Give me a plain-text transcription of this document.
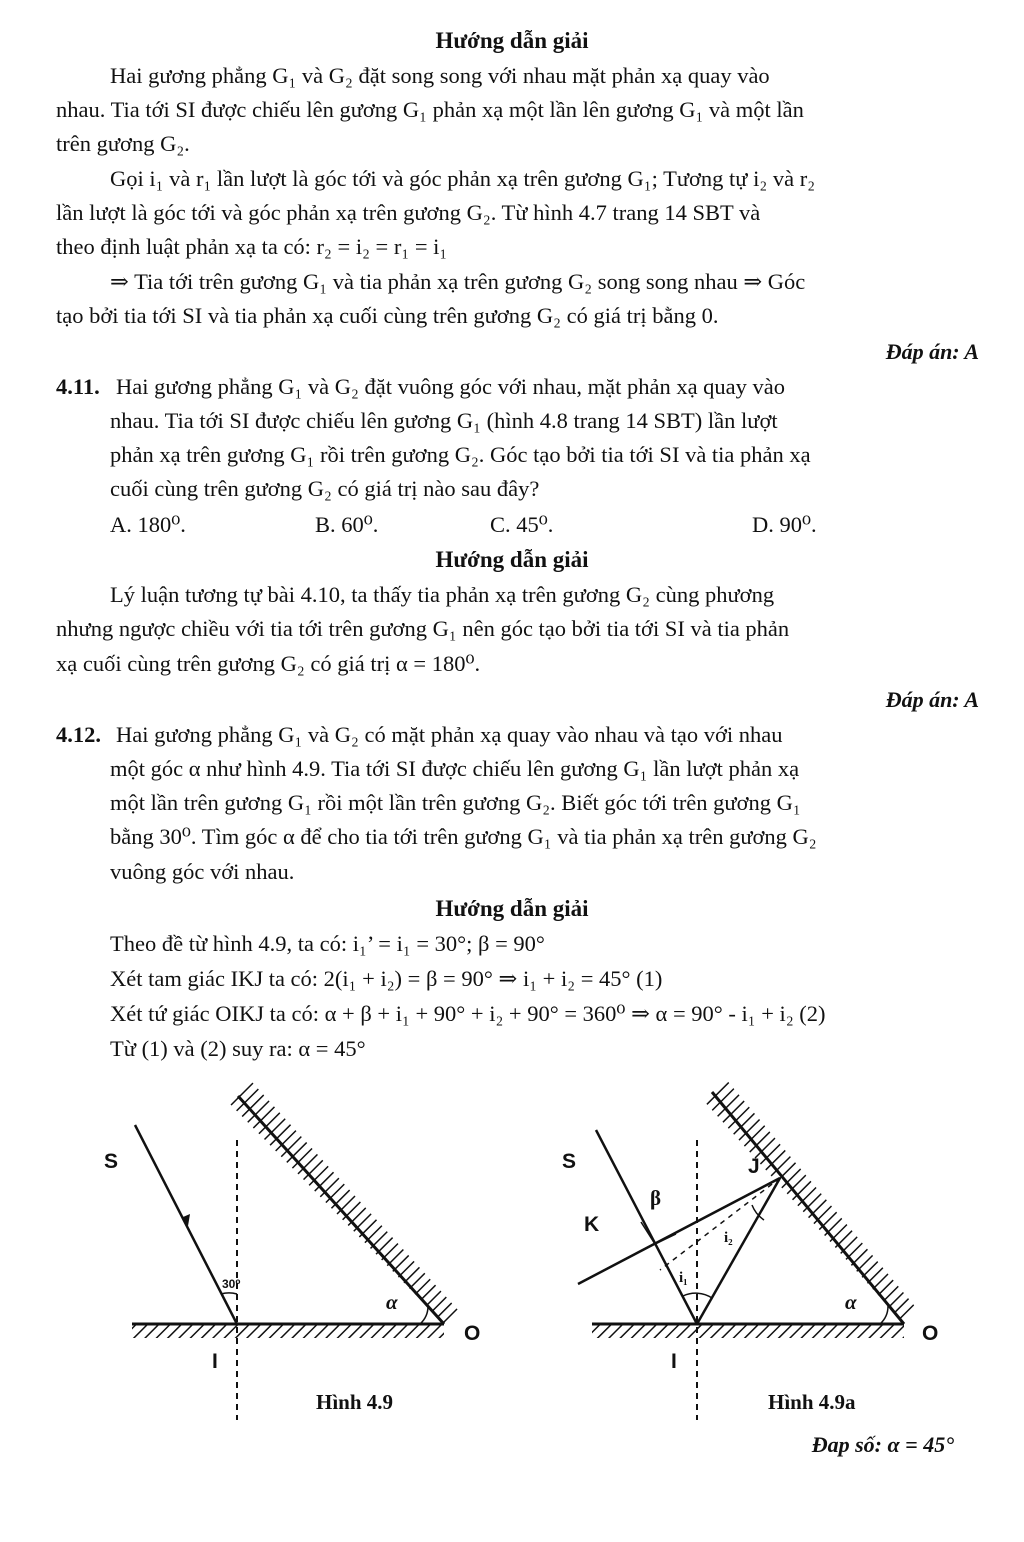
Hướng dẫn giải
Hai gương phẳng G₁ và G₂ đặt song song với nhau mặt phản xạ quay vào
nhau. Tia tới SI được chiếu lên gương G₁ phản xạ một lần lên gương G₁ và một lần
trên gương G₂.
Gọi i₁ và r₁ lần lượt là góc tới và góc phản xạ trên gương G₁; Tương tự i₂ và r₂
lần lượt là góc tới và góc phản xạ trên gương G₂. Từ hình 4.7 trang 14 SBT và
theo định luật phản xạ ta có: r₂ = i₂ = r₁ = i₁
⇒ Tia tới trên gương G₁ và tia phản xạ trên gương G₂ song song nhau ⇒ Góc
tạo bởi tia tới SI và tia phản xạ cuối cùng trên gương G₂ có giá trị bằng 0.
Đáp án: A
4.11. Hai gương phẳng G₁ và G₂ đặt vuông góc với nhau, mặt phản xạ quay vào
nhau. Tia tới SI được chiếu lên gương G₁ (hình 4.8 trang 14 SBT) lần lượt
phản xạ trên gương G₁ rồi trên gương G₂. Góc tạo bởi tia tới SI và tia phản xạ
cuối cùng trên gương G₂ có giá trị nào sau đây?
A. 180⁰.	B. 60⁰.	C. 45⁰.	D. 90⁰.
Hướng dẫn giải
Lý luận tương tự bài 4.10, ta thấy tia phản xạ trên gương G₂ cùng phương
nhưng ngược chiều với tia tới trên gương G₁ nên góc tạo bởi tia tới SI và tia phản
xạ cuối cùng trên gương G₂ có giá trị α = 180⁰.
Đáp án: A
4.12. Hai gương phẳng G₁ và G₂ có mặt phản xạ quay vào nhau và tạo với nhau
một góc α như hình 4.9. Tia tới SI được chiếu lên gương G₁ lần lượt phản xạ
một lần trên gương G₁ rồi một lần trên gương G₂. Biết góc tới trên gương G₁
bằng 30⁰. Tìm góc α để cho tia tới trên gương G₁ và tia phản xạ trên gương G₂
vuông góc với nhau.
Hướng dẫn giải
Theo đề từ hình 4.9, ta có: i₁’ = i₁ = 30°; β = 90°
Xét tam giác IKJ ta có: 2(i₁ + i₂) = β = 90° ⇒ i₁ + i₂ = 45° (1)
Xét tứ giác OIKJ ta có: α + β + i₁ + 90° + i₂ + 90° = 360⁰ ⇒ α = 90° - i₁ + i₂ (2)
Từ (1) và (2) suy ra: α = 45°
S
I
O
α
30⁰
Hình 4.9
S
K
J
I
O
α
β
i₁
i₂
Hình 4.9a
Đap số: α = 45°
